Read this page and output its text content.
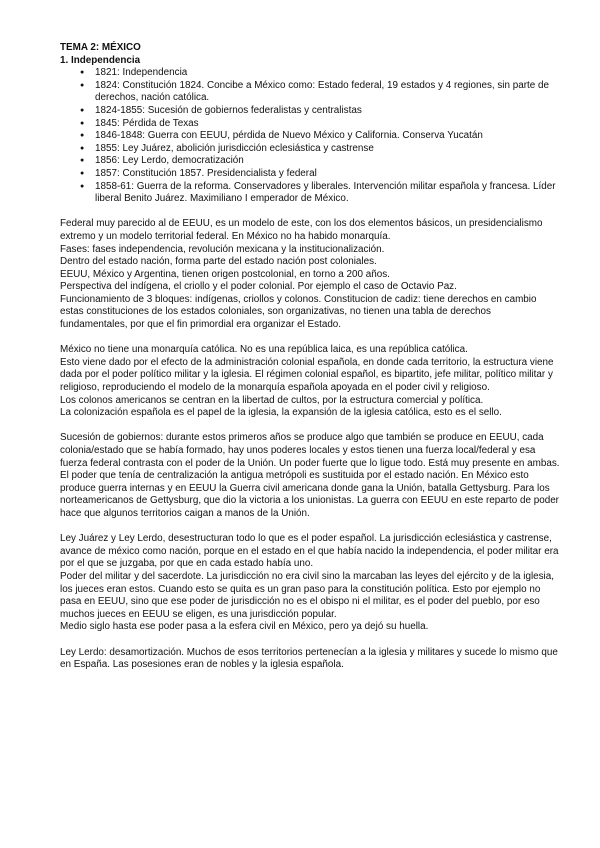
TEMA 2: MÉXICO

1. Independencia

● 1821: Independencia
● 1824: Constitución 1824. Concibe a México como: Estado federal, 19 estados y 4 regiones, sin parte de derechos, nación católica.
● 1824-1855: Sucesión de gobiernos federalistas y centralistas
● 1845: Pérdida de Texas
● 1846-1848: Guerra con EEUU, pérdida de Nuevo México y California. Conserva Yucatán
● 1855: Ley Juárez, abolición jurisdicción eclesiástica y castrense
● 1856: Ley Lerdo, democratización
● 1857: Constitución 1857. Presidencialista y federal
● 1858-61: Guerra de la reforma. Conservadores y liberales. Intervención militar española y francesa. Líder liberal Benito Juárez. Maximiliano I emperador de México.

Federal muy parecido al de EEUU, es un modelo de este, con los dos elementos básicos, un presidencialismo extremo y un modelo territorial federal. En México no ha habido monarquía.

Fases: fases independencia, revolución mexicana y la institucionalización.

Dentro del estado nación, forma parte del estado nación post coloniales.

EEUU, México y Argentina, tienen origen postcolonial, en torno a 200 años.

Perspectiva del indígena, el criollo y el poder colonial. Por ejemplo el caso de Octavio Paz.

Funcionamiento de 3 bloques: indígenas, criollos y colonos. Constitucion de cadiz: tiene derechos en cambio estas constituciones de los estados coloniales, son organizativas, no tienen una tabla de derechos fundamentales, por que el fin primordial era organizar el Estado.

México no tiene una monarquía católica. No es una república laica, es una república católica.

Esto viene dado por el efecto de la administración colonial española, en donde cada territorio, la estructura viene dada por el poder político militar y la iglesia. El régimen colonial español, es bipartito, jefe militar, político militar y religioso, reproduciendo el modelo de la monarquía española apoyada en el poder civil y religioso.

Los colonos americanos se centran en la libertad de cultos, por la estructura comercial y política.

La colonización española es el papel de la iglesia, la expansión de la iglesia católica, esto es el sello.

Sucesión de gobiernos: durante estos primeros años se produce algo que también se produce en EEUU, cada colonia/estado que se había formado, hay unos poderes locales y estos tienen una fuerza local/federal y esa fuerza federal contrasta con el poder de la Unión. Un poder fuerte que lo ligue todo. Está muy presente en ambas. El poder que tenía de centralización la antigua metrópoli es sustituida por el estado nación. En México esto produce guerra internas y en EEUU la Guerra civil americana donde gana la Unión, batalla Gettysburg. Para los norteamericanos de Gettysburg, que dio la victoria a los unionistas. La guerra con EEUU en este reparto de poder hace que algunos territorios caigan a manos de la Unión.

Ley Juárez y Ley Lerdo, desestructuran todo lo que es el poder español. La jurisdicción eclesiástica y castrense, avance de méxico como nación, porque en el estado en el que había nacido la independencia, el poder militar era por el que se juzgaba, por que en cada estado había uno.

Poder del militar y del sacerdote. La jurisdicción no era civil sino la marcaban las leyes del ejército y de la iglesia, los jueces eran estos. Cuando esto se quita es un gran paso para la constitución política. Esto por ejemplo no pasa en EEUU, sino que ese poder de jurisdicción no es el obispo ni el militar, es el poder del pueblo, por eso muchos jueces en EEUU se eligen, es una jurisdicción popular.

Medio siglo hasta ese poder pasa a la esfera civil en México, pero ya dejó su huella.

Ley Lerdo: desamortización. Muchos de esos territorios pertenecían a la iglesia y militares y sucede lo mismo que en España. Las posesiones eran de nobles y la iglesia española.
